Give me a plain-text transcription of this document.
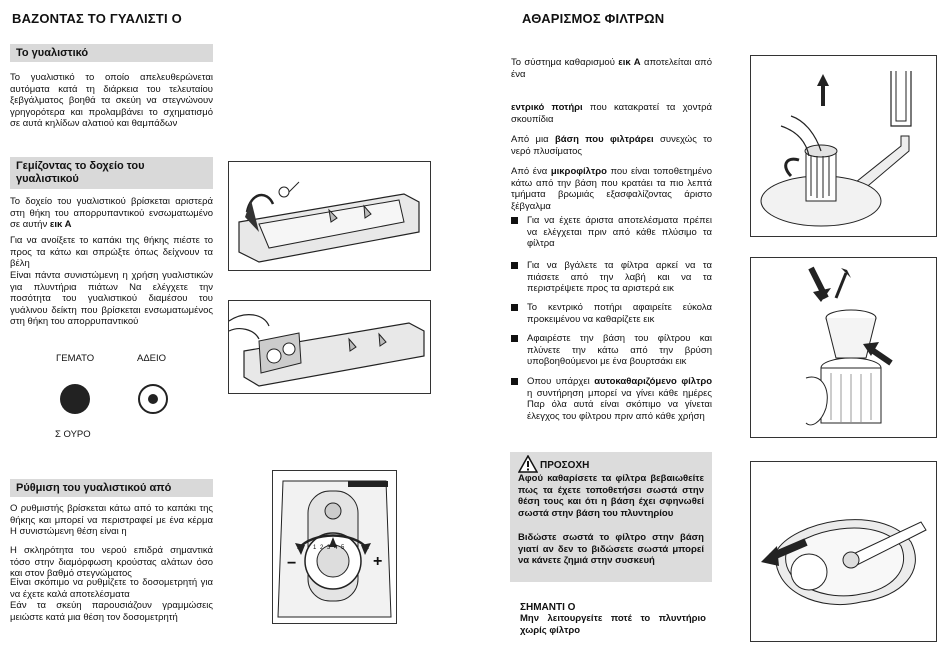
ΒΑΖΟΝΤΑΣ ΤΟ ΓΥΑΛΙΣΤΙ Ο
Το γυαλιστικό
Το γυαλιστικό το οποίο απελευθερώνεται αυτόματα κατά τη διάρκεια του τελευταίου ξεβγάλματος βοηθά τα σκεύη να στεγνώνουν γρηγορότερα και προλαμβάνει το σχηματισμό σε αυτά κηλίδων αλατιού και θαμπάδων
Γεμίζοντας το δοχείο του
γυαλιστικού
Το δοχείο του γυαλιστικού βρίσκεται αριστερά στη θήκη του απορρυπαντικού ενσωματωμένο σε αυτήν εικ Α
Για να ανοίξετε το καπάκι της θήκης πιέστε το προς τα κάτω και σπρώξτε όπως δείχνουν τα βέλη
Είναι πάντα συνιστώμενη η χρήση γυαλιστικών για πλυντήρια πιάτων Να ελέγχετε την ποσότητα του γυαλιστικού διαμέσου του γυάλινου δείκτη που βρίσκεται ενσωματωμένος στη θήκη του απορρυπαντικού
ΓΕΜΑΤΟ	ΑΔΕΙΟ
Σ ΟΥΡΟ
Ρύθμιση του γυαλιστικού από
Ο ρυθμιστής βρίσκεται κάτω από το καπάκι της θήκης και μπορεί να περιστραφεί με ένα κέρμα Η συνιστώμενη θέση είναι η
Η σκληρότητα του νερού επιδρά σημαντικά τόσο στην διαμόρφωση κρούστας αλάτων όσο και στον βαθμό στεγνώματος
Είναι σκόπιμο να ρυθμίζετε το δοσομετρητή για να έχετε καλά αποτελέσματα
Εάν τα σκεύη παρουσιάζουν γραμμώσεις μειώστε κατά μια θέση τον δοσομετρητή
−	+
1 2 3 4 5
ΑΘΑΡΙΣΜΟΣ ΦΙΛΤΡΩΝ
Το σύστημα καθαρισμού εικ Α αποτελείται από ένα
εντρικό ποτήρι που κατακρατεί τα χοντρά σκουπίδια
Από μια βάση που φιλτράρει συνεχώς το νερό πλυσίματος
Από ένα μικροφίλτρο που είναι τοποθετημένο κάτω από την βάση που κρατάει τα πιο λεπτά τμήματα βρωμιάς εξασφαλίζοντας άριστο ξέβγαλμα
Για να έχετε άριστα αποτελέσματα πρέπει να ελέγχεται πριν από κάθε πλύσιμο τα φίλτρα
Για να βγάλετε τα φίλτρα αρκεί να τα πιάσετε από την λαβή και να τα περιστρέψετε προς τα αριστερά εικ
Το κεντρικό ποτήρι αφαιρείτε εύκολα προκειμένου να καθαρίζετε εικ
Αφαιρέστε την βάση του φίλτρου και πλύνετε την κάτω από την βρύση υποβοηθούμενοι με ένα βουρτσάκι εικ
Οπου υπάρχει αυτοκαθαριζόμενο φίλτρο η συντήρηση μπορεί να γίνει κάθε ημέρες Παρ όλα αυτά είναι σκόπιμο να γίνεται έλεγχος του φίλτρου πριν από κάθε χρήση
ΠΡΟΣΟΧΗ
Αφού καθαρίσετε τα φίλτρα βεβαιωθείτε πως τα έχετε τοποθετήσει σωστά στην θέση τους και ότι η βάση έχει σφηνωθεί σωστά στην βάση του πλυντηρίου
Βιδώστε σωστά το φίλτρο στην βάση γιατί αν δεν το βιδώσετε σωστά μπορεί να κάνετε ζημιά στην συσκευή
ΣΗΜΑΝΤΙ Ο
Μην λειτουργείτε ποτέ το πλυντήριο χωρίς φίλτρο
